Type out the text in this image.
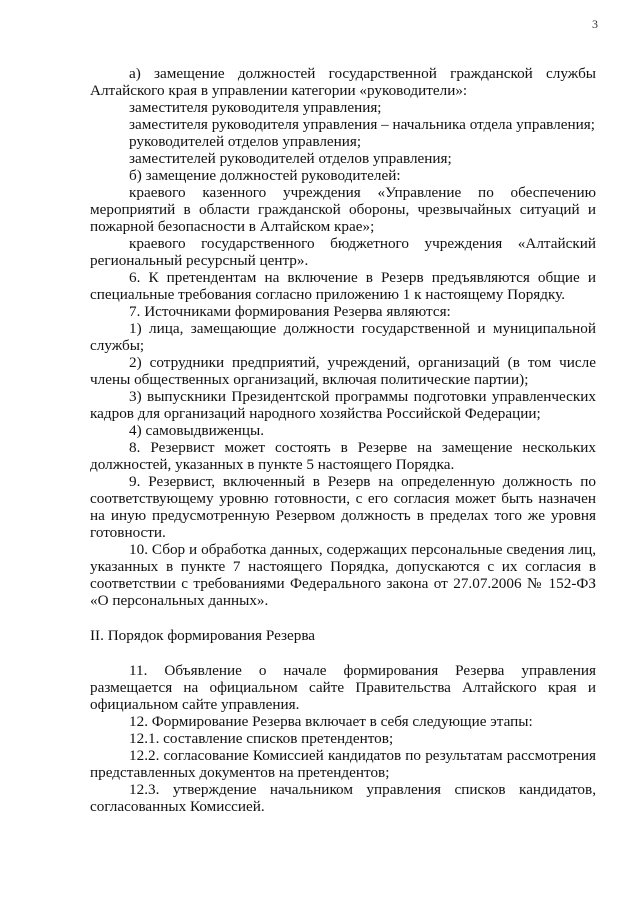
3

а) замещение должностей государственной гражданской службы Алтайского края в управлении категории «руководители»:

заместителя руководителя управления;

заместителя руководителя управления – начальника отдела управления;

руководителей отделов управления;

заместителей руководителей отделов управления;

б) замещение должностей руководителей:

краевого казенного учреждения «Управление по обеспечению мероприятий в области гражданской обороны, чрезвычайных ситуаций и пожарной безопасности в Алтайском крае»;

краевого государственного бюджетного учреждения «Алтайский региональный ресурсный центр».

6. К претендентам на включение в Резерв предъявляются общие и специальные требования согласно приложению 1 к настоящему Порядку.

7. Источниками формирования Резерва являются:

1) лица, замещающие должности государственной и муниципальной службы;

2) сотрудники предприятий, учреждений, организаций (в том числе члены общественных организаций, включая политические партии);

3) выпускники Президентской программы подготовки управленческих кадров для организаций народного хозяйства Российской Федерации;

4) самовыдвиженцы.

8. Резервист может состоять в Резерве на замещение нескольких должностей, указанных в пункте 5 настоящего Порядка.

9. Резервист, включенный в Резерв на определенную должность по соответствующему уровню готовности, с его согласия может быть назначен на иную предусмотренную Резервом должность в пределах того же уровня готовности.

10. Сбор и обработка данных, содержащих персональные сведения лиц, указанных в пункте 7 настоящего Порядка, допускаются с их согласия в соответствии с требованиями Федерального закона от 27.07.2006 № 152-ФЗ «О персональных данных».

II. Порядок формирования Резерва

11. Объявление о начале формирования Резерва управления размещается на официальном сайте Правительства Алтайского края и официальном сайте управления.

12. Формирование Резерва включает в себя следующие этапы:

12.1. составление списков претендентов;

12.2. согласование Комиссией кандидатов по результатам рассмотрения представленных документов на претендентов;

12.3. утверждение начальником управления списков кандидатов, согласованных Комиссией.
